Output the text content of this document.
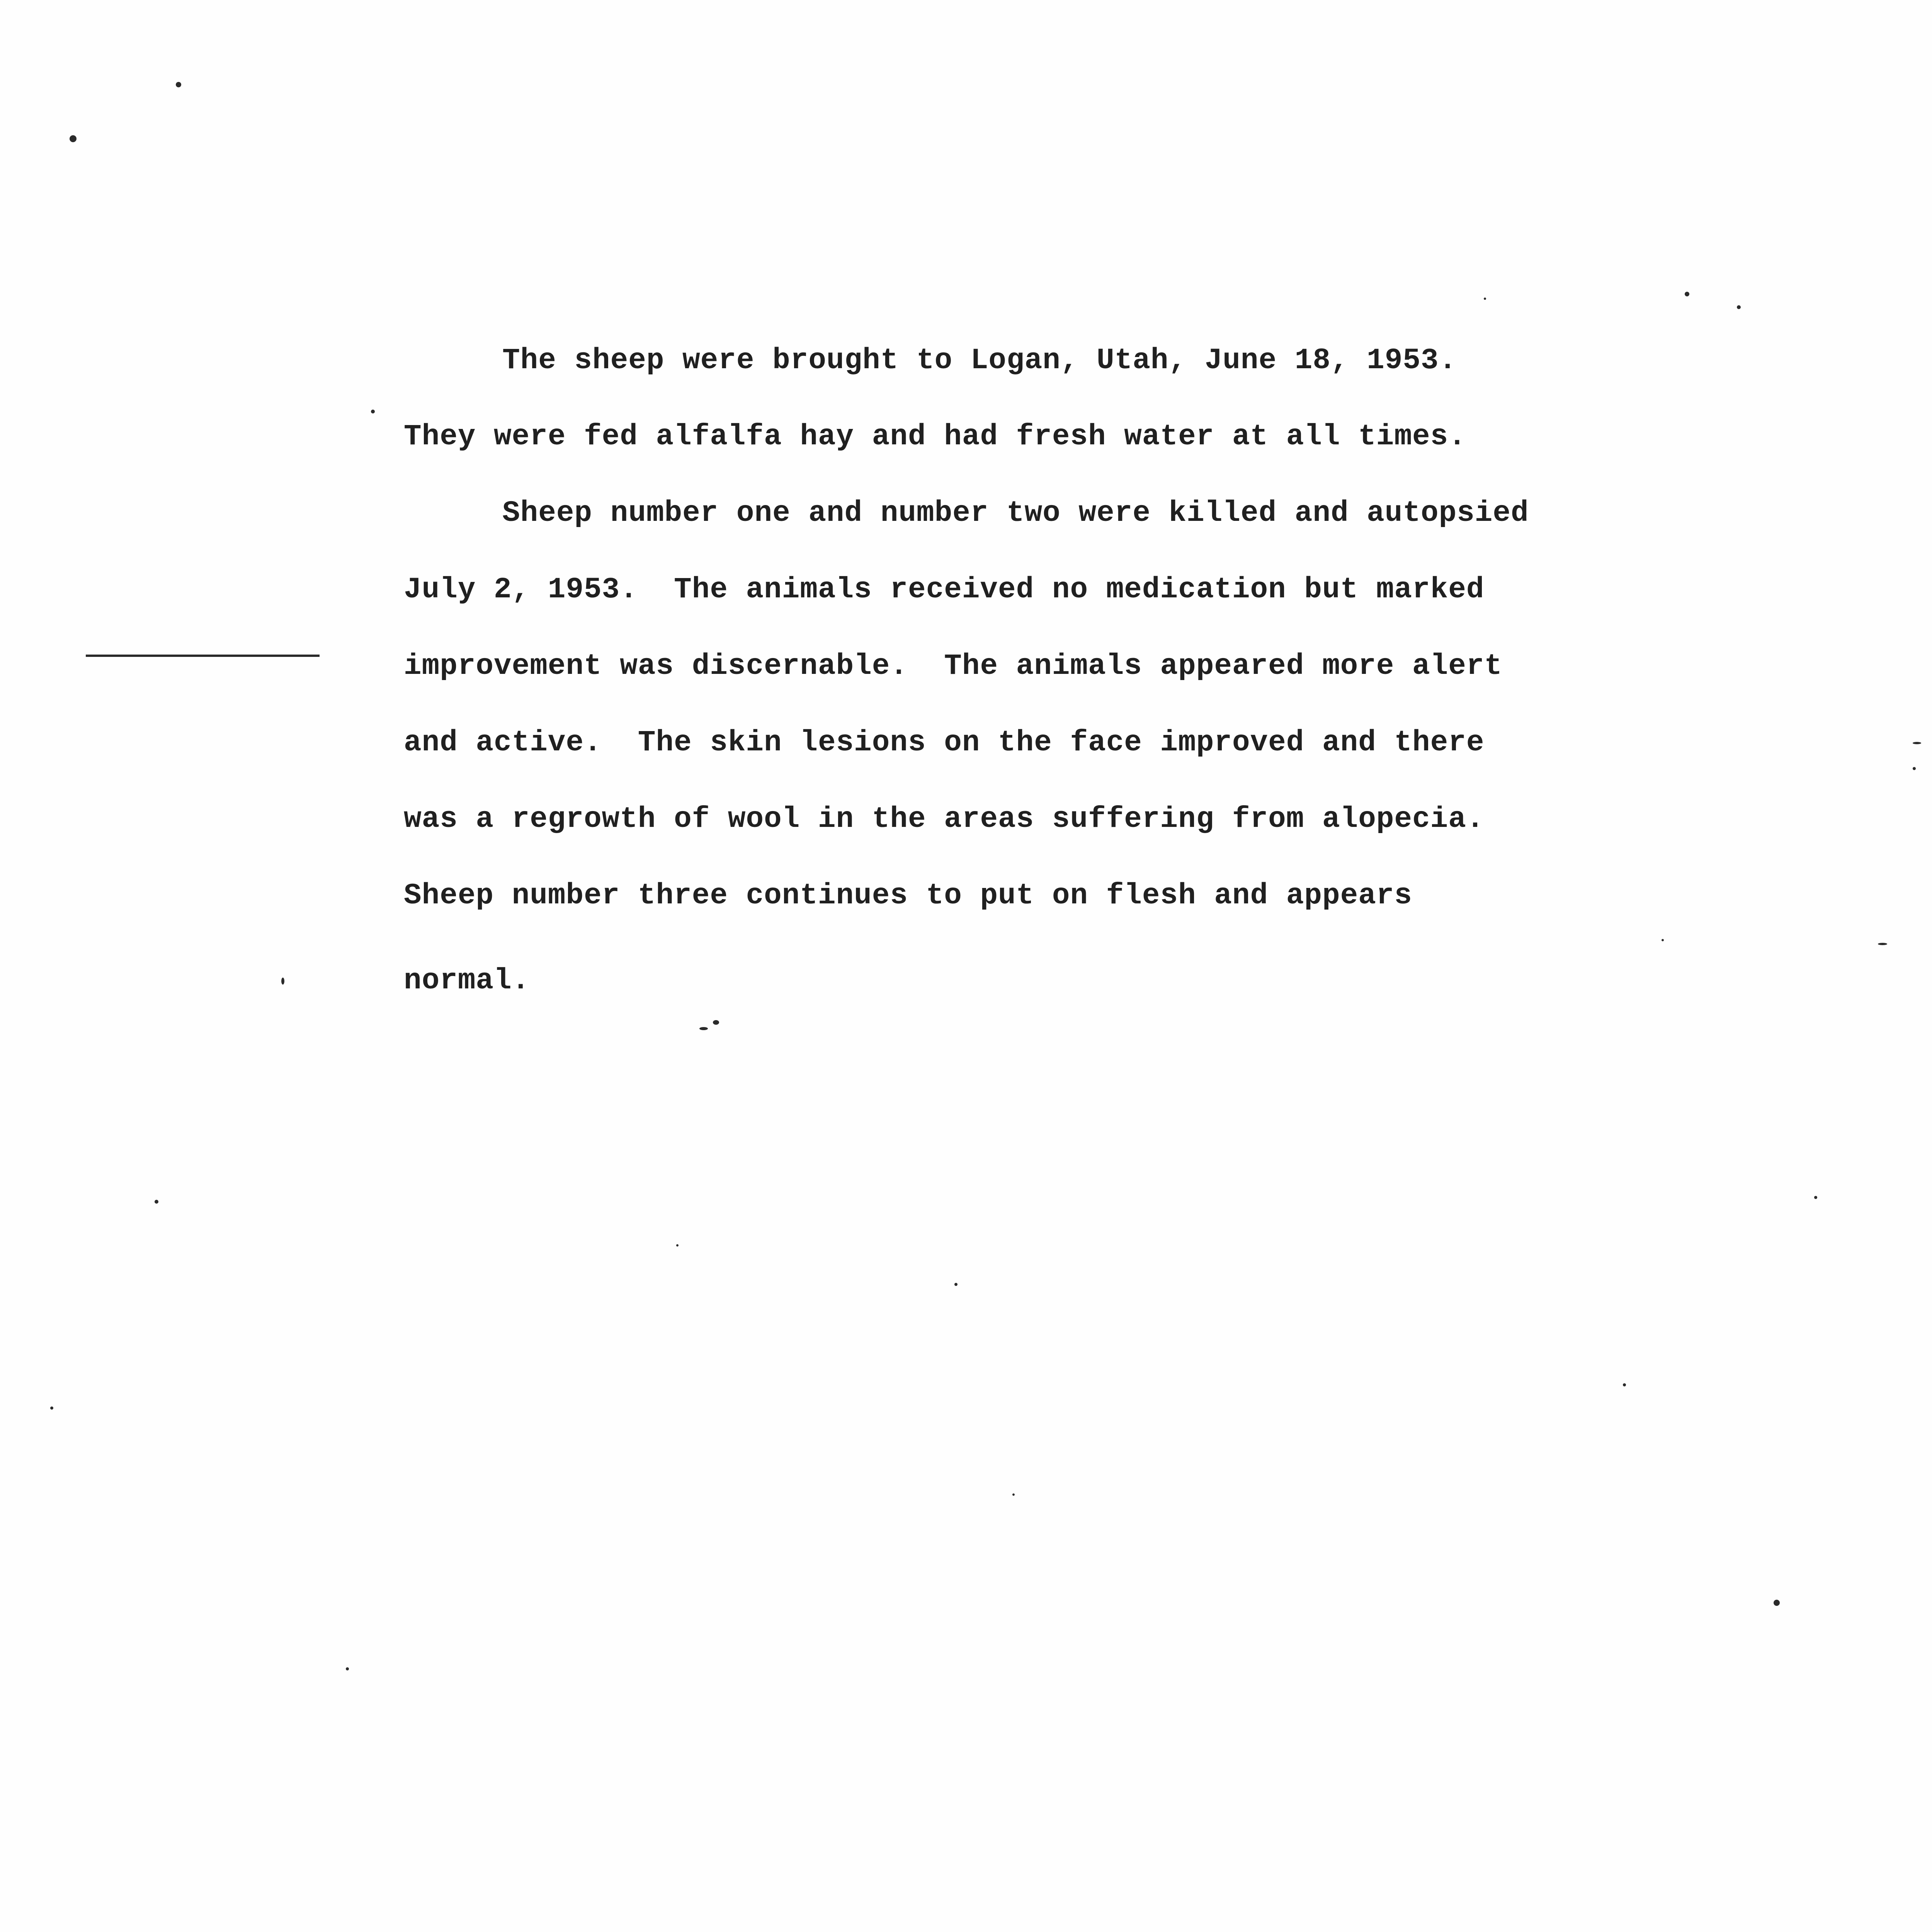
The sheep were brought to Logan, Utah, June 18, 1953.
They were fed alfalfa hay and had fresh water at all times.
Sheep number one and number two were killed and autopsied
July 2, 1953.  The animals received no medication but marked
improvement was discernable.  The animals appeared more alert
and active.  The skin lesions on the face improved and there
was a regrowth of wool in the areas suffering from alopecia.
Sheep number three continues to put on flesh and appears
normal.
